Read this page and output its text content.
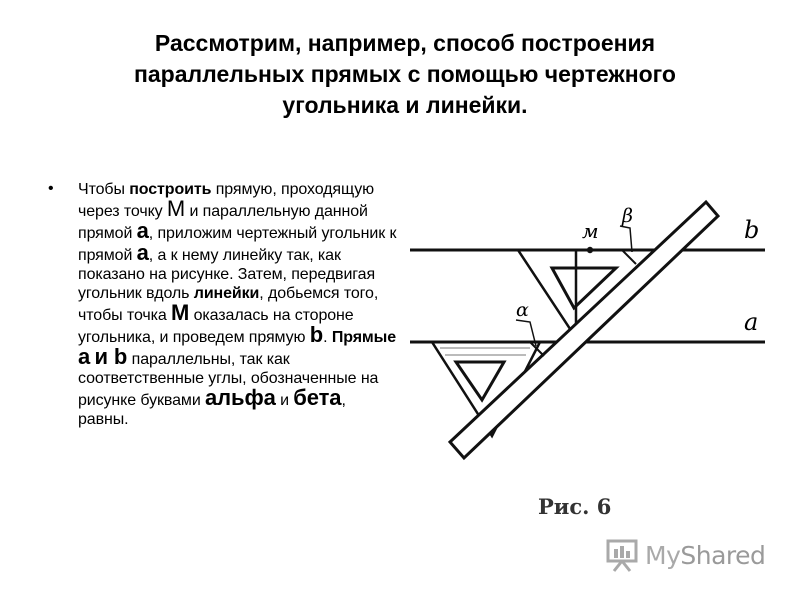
Рассмотрим, например, способ построения
параллельных прямых с помощью чертежного
угольника и линейки.
• Чтобы построить прямую, проходящую через точку М и параллельную данной прямой а, приложим чертежный угольник к прямой а, а к нему линейку так, как показано на рисунке. Затем, передвигая угольник вдоль линейки, добьемся того, чтобы точка М оказалась на стороне угольника, и проведем прямую b. Прямые а и b параллельны, так как соответственные углы, обозначенные на рисунке буквами альфа и бета, равны.
м
β	b
α	а
Рис. 6
MyShared
